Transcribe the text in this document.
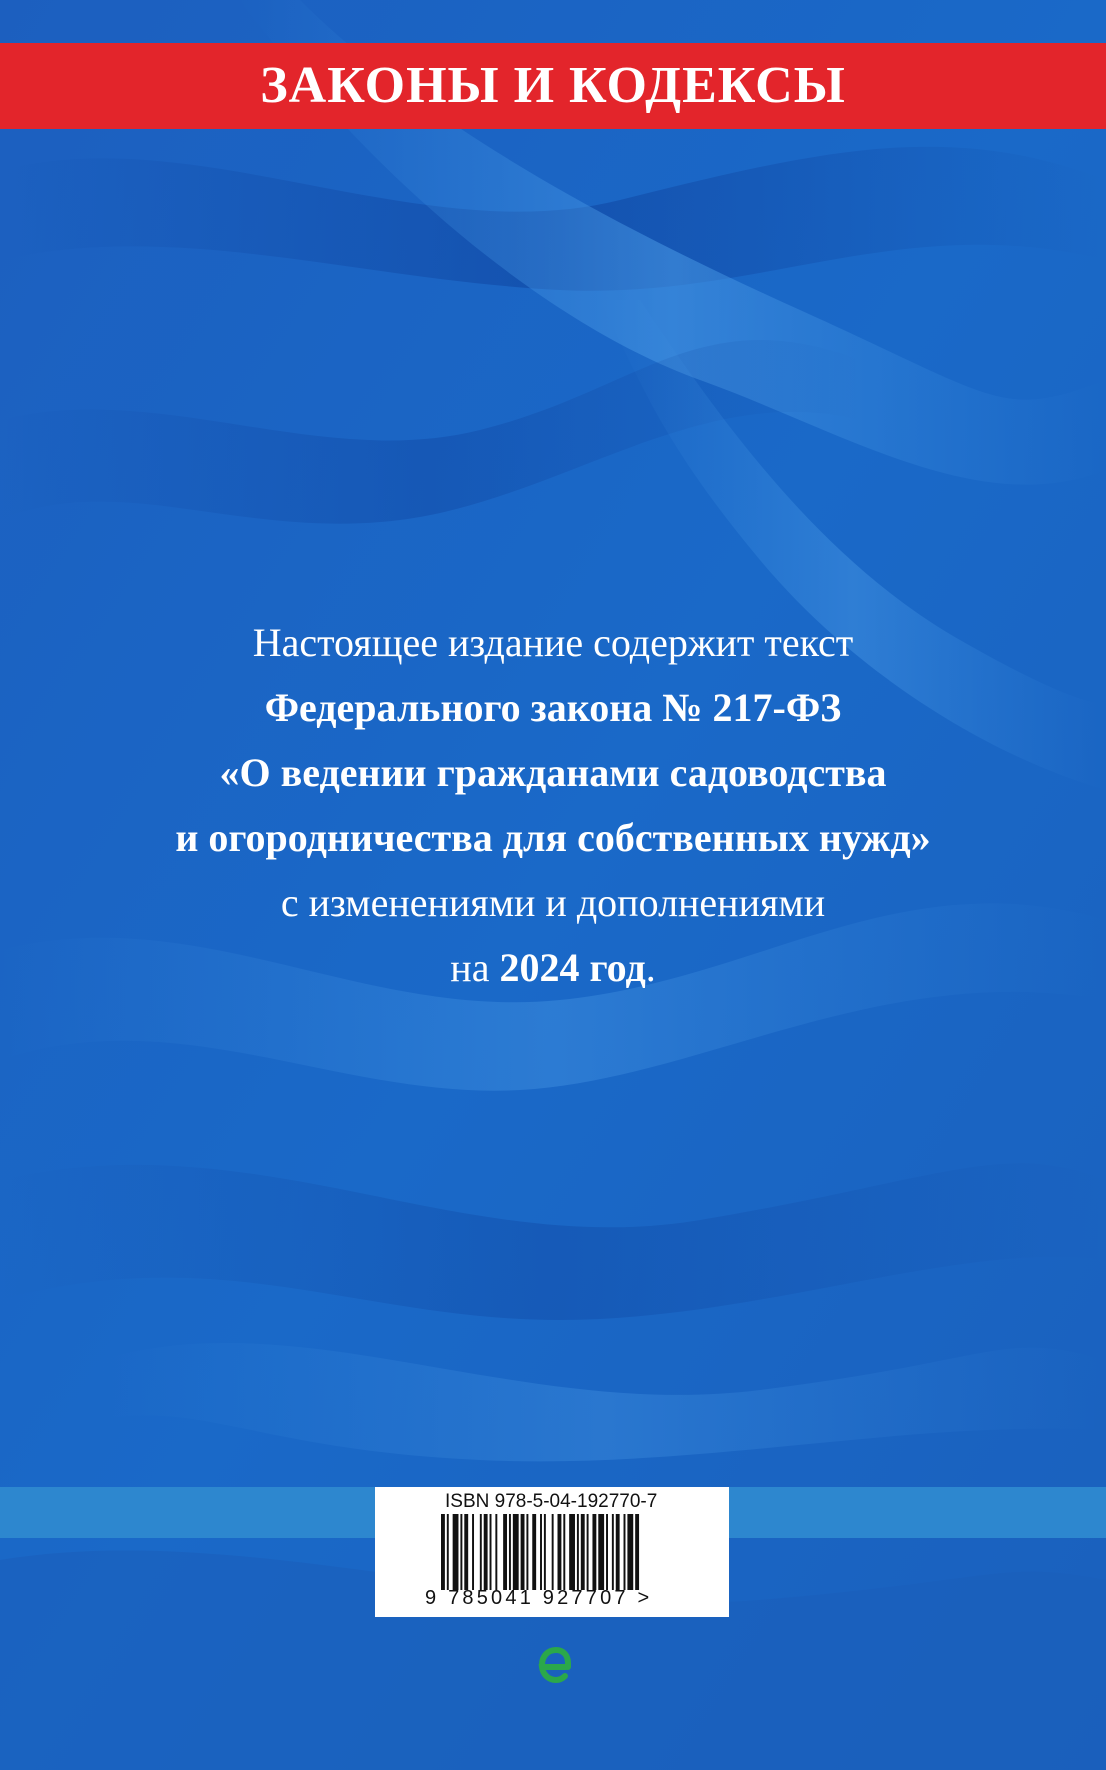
ЗАКОНЫ И КОДЕКСЫ
Настоящее издание содержит текст
Федерального закона № 217-ФЗ
«О ведении гражданами садоводства
и огородничества для собственных нужд»
с изменениями и дополнениями
на 2024 год.
ISBN 978-5-04-192770-7
9 785041 927707 >
